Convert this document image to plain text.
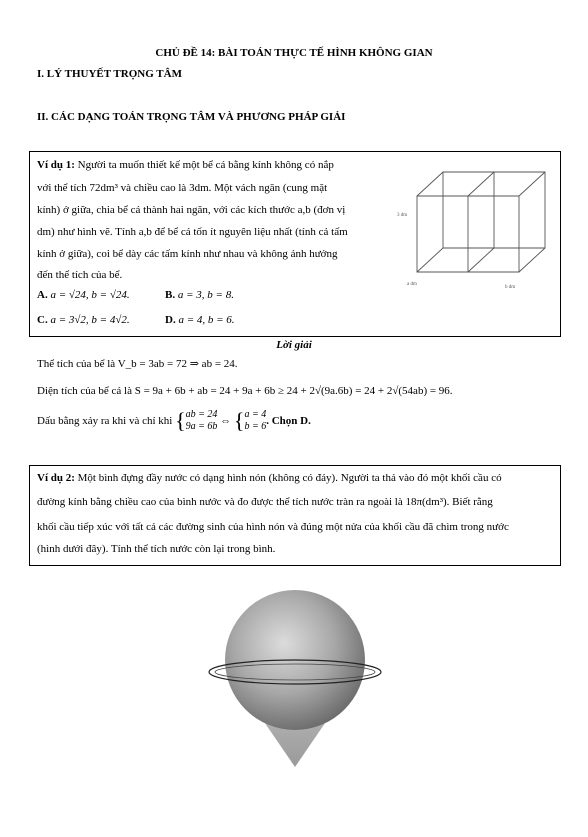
CHỦ ĐỀ 14: BÀI TOÁN THỰC TẾ HÌNH KHÔNG GIAN
I. LÝ THUYẾT TRỌNG TÂM
II. CÁC DẠNG TOÁN TRỌNG TÂM VÀ PHƯƠNG PHÁP GIẢI
Ví dụ 1: Người ta muốn thiết kế một bể cá bằng kính không có nắp
với thể tích 72dm³ và chiều cao là 3dm. Một vách ngăn (cung mặt
kính) ở giữa, chia bể cá thành hai ngăn, với các kích thước a,b (đơn vị
dm) như hình vẽ. Tính a,b để bể cá tốn ít nguyên liệu nhất (tính cả tấm
kính ở giữa), coi bể dày các tấm kính như nhau và không ảnh hưởng
đến thể tích của bể.
A. a = √24, b = √24.	B. a = 3, b = 8.
C. a = 3√2, b = 4√2.	D. a = 4, b = 6.
3 dm
a dm
b dm
Lời giải
Thể tích của bể là V_b = 3ab = 72 ⇒ ab = 24.
Diện tích của bể cá là S = 9a + 6b + ab = 24 + 9a + 6b ≥ 24 + 2√(9a.6b) = 24 + 2√(54ab) = 96.
Dấu bằng xảy ra khi và chỉ khi {ab = 24
9a = 6b ⇔ {a = 4
b = 6. Chọn D.
Ví dụ 2: Một bình đựng đầy nước có dạng hình nón (không có đáy). Người ta thả vào đó một khối cầu có
đường kính bằng chiều cao của bình nước và đo được thể tích nước tràn ra ngoài là 18π(dm³). Biết rằng
khối cầu tiếp xúc với tất cả các đường sinh của hình nón và đúng một nửa của khối cầu đã chìm trong nước
(hình dưới đây). Tính thể tích nước còn lại trong bình.
